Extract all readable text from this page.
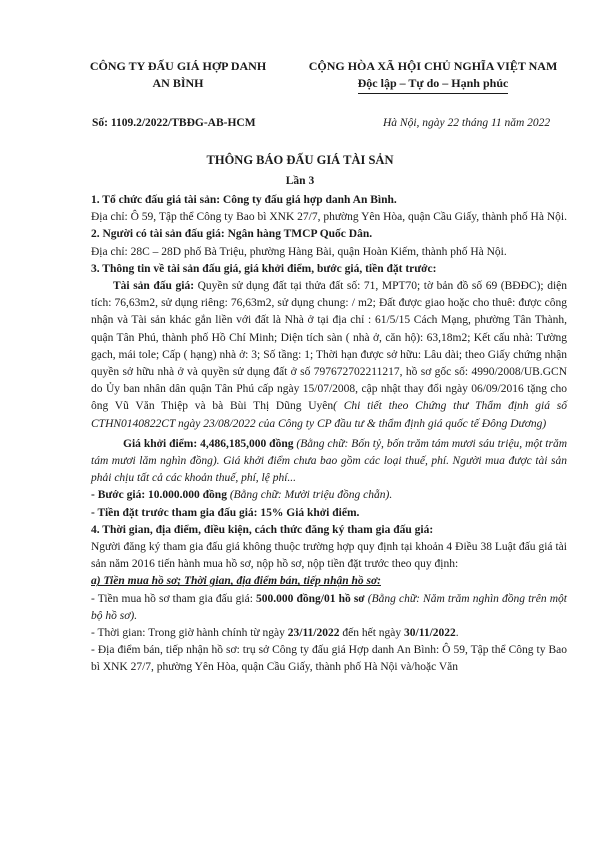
CÔNG TY ĐẤU GIÁ HỢP DANH
AN BÌNH
CỘNG HÒA XÃ HỘI CHỦ NGHĨA VIỆT NAM
Độc lập – Tự do – Hạnh phúc
Số: 1109.2/2022/TBĐG-AB-HCM	Hà Nội, ngày 22 tháng 11 năm 2022
THÔNG BÁO ĐẤU GIÁ TÀI SẢN
Lần 3

1. Tổ chức đấu giá tài sản: Công ty đấu giá hợp danh An Bình.

Địa chỉ: Ô 59, Tập thể Công ty Bao bì XNK 27/7, phường Yên Hòa, quận Cầu Giấy, thành phố Hà Nội.

2. Người có tài sản đấu giá: Ngân hàng TMCP Quốc Dân.

Địa chỉ: 28C – 28D phố Bà Triệu, phường Hàng Bài, quận Hoàn Kiếm, thành phố Hà Nội.

3. Thông tin về tài sản đấu giá, giá khởi điểm, bước giá, tiền đặt trước:

Tài sản đấu giá: Quyền sử dụng đất tại thửa đất số: 71, MPT70; tờ bản đồ số 69 (BĐĐC); diện tích: 76,63m2, sử dụng riêng: 76,63m2, sử dụng chung: / m2; Đất được giao hoặc cho thuê: được công nhận và Tài sản khác gắn liền với đất là Nhà ở tại địa chỉ : 61/5/15 Cách Mạng, phường Tân Thành, quận Tân Phú, thành phố Hồ Chí Minh; Diện tích sàn ( nhà ở, căn hộ): 63,18m2; Kết cấu nhà: Tường gạch, mái tole; Cấp ( hạng) nhà ở: 3; Số tầng: 1; Thời hạn được sở hữu: Lâu dài; theo Giấy chứng nhận quyền sở hữu nhà ở và quyền sử dụng đất ở số 797672702211217, hồ sơ gốc số: 4990/2008/UB.GCN do Ủy ban nhân dân quận Tân Phú cấp ngày 15/07/2008, cập nhật thay đổi ngày 06/09/2016 tặng cho ông Vũ Văn Thiệp và bà Bùi Thị Dũng Uyên( Chi tiết theo Chứng thư Thẩm định giá số CTHN0140822CT ngày 23/08/2022 của Công ty CP đầu tư & thẩm định giá quốc tế Đông Dương)

Giá khởi điểm: 4,486,185,000 đồng (Bằng chữ: Bốn tỷ, bốn trăm tám mươi sáu triệu, một trăm tám mươi lăm nghìn đồng). Giá khởi điểm chưa bao gồm các loại thuế, phí. Người mua được tài sản phải chịu tất cả các khoản thuế, phí, lệ phí...

- Bước giá: 10.000.000 đồng (Bằng chữ: Mười triệu đồng chẵn).

- Tiền đặt trước tham gia đấu giá: 15% Giá khởi điểm.

4. Thời gian, địa điểm, điều kiện, cách thức đăng ký tham gia đấu giá:

Người đăng ký tham gia đấu giá không thuộc trường hợp quy định tại khoản 4 Điều 38 Luật đấu giá tài sản năm 2016 tiến hành mua hồ sơ, nộp hồ sơ, nộp tiền đặt trước theo quy định:

a) Tiền mua hồ sơ; Thời gian, địa điểm bán, tiếp nhận hồ sơ:

- Tiền mua hồ sơ tham gia đấu giá: 500.000 đồng/01 hồ sơ (Bằng chữ: Năm trăm nghìn đồng trên một bộ hồ sơ).

- Thời gian: Trong giờ hành chính từ ngày 23/11/2022 đến hết ngày 30/11/2022.

- Địa điểm bán, tiếp nhận hồ sơ: trụ sở Công ty đấu giá Hợp danh An Bình: Ô 59, Tập thể Công ty Bao bì XNK 27/7, phường Yên Hòa, quận Cầu Giấy, thành phố Hà Nội và/hoặc Văn
